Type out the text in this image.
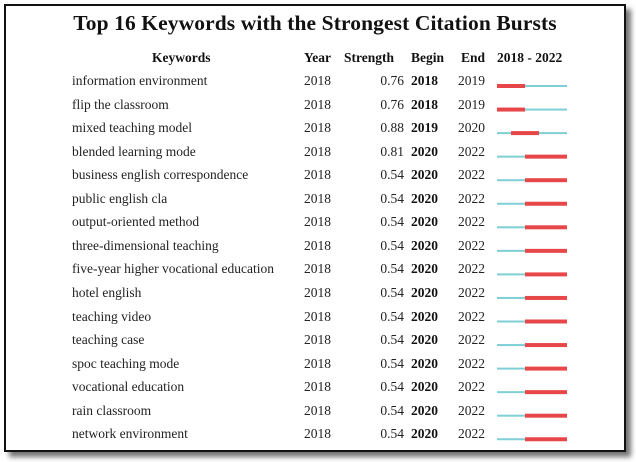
Top 16 Keywords with the Strongest Citation Bursts
Keywords	Year Strength Begin End 2018 - 2022
information environment	2018	0.76 2018 2019
flip the classroom	2018	0.76 2018 2019
mixed teaching model	2018	0.88 2019 2020
blended learning mode	2018	0.81 2020 2022
business english correspondence	2018	0.54 2020 2022
public english cla	2018	0.54 2020 2022
output-oriented method	2018	0.54 2020 2022
three-dimensional teaching	2018	0.54 2020 2022
five-year higher vocational education 2018	0.54 2020 2022
hotel english	2018	0.54 2020 2022
teaching video	2018	0.54 2020 2022
teaching case	2018	0.54 2020 2022
spoc teaching mode	2018	0.54 2020 2022
vocational education	2018	0.54 2020 2022
rain classroom	2018	0.54 2020 2022
network environment	2018	0.54 2020 2022
